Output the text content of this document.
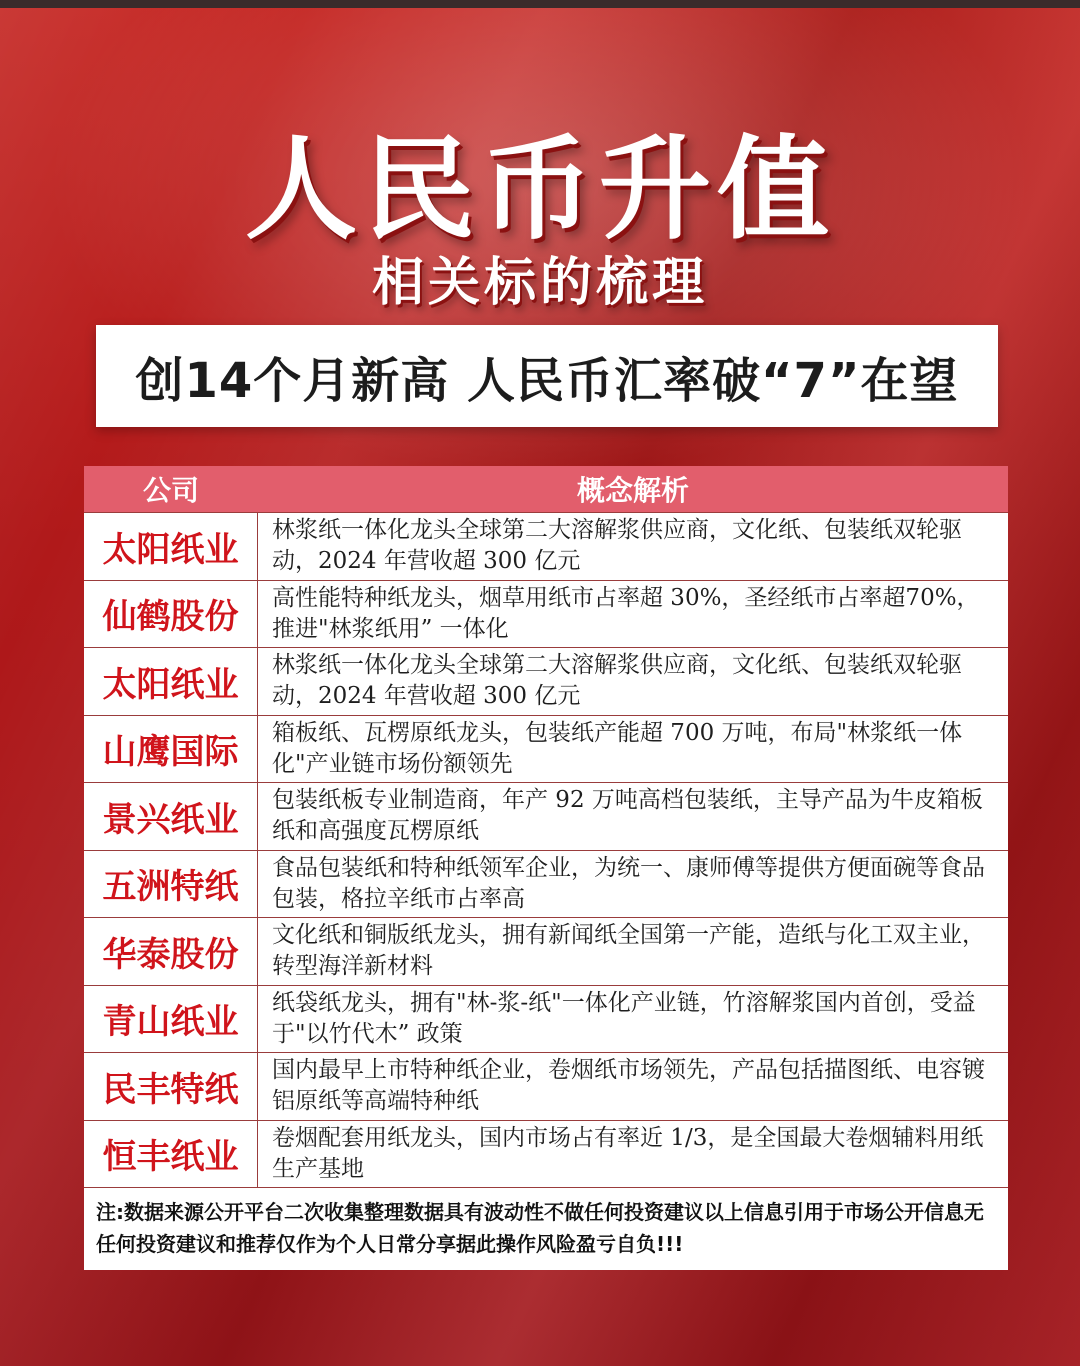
人民币升值
相关标的梳理
创14个月新高 人民币汇率破“7”在望
公司	概念解析
太阳纸业	林浆纸一体化龙头全球第二大溶解浆供应商，文化纸、包装纸双轮驱动，2024 年营收超 300 亿元
仙鹤股份	高性能特种纸龙头，烟草用纸市占率超 30%，圣经纸市占率超70%，推进"林浆纸用” 一体化
太阳纸业	林浆纸一体化龙头全球第二大溶解浆供应商，文化纸、包装纸双轮驱动，2024 年营收超 300 亿元
山鹰国际	箱板纸、瓦楞原纸龙头，包装纸产能超 700 万吨，布局"林浆纸一体化"产业链市场份额领先
景兴纸业	包装纸板专业制造商，年产 92 万吨高档包装纸，主导产品为牛皮箱板纸和高强度瓦楞原纸
五洲特纸	食品包装纸和特种纸领军企业，为统一、康师傅等提供方便面碗等食品包装，格拉辛纸市占率高
华泰股份	文化纸和铜版纸龙头，拥有新闻纸全国第一产能，造纸与化工双主业，转型海洋新材料
青山纸业	纸袋纸龙头，拥有"林-浆-纸"一体化产业链，竹溶解浆国内首创，受益于"以竹代木” 政策
民丰特纸	国内最早上市特种纸企业，卷烟纸市场领先，产品包括描图纸、电容镀铝原纸等高端特种纸
恒丰纸业	卷烟配套用纸龙头，国内市场占有率近 1/3，是全国最大卷烟辅料用纸生产基地
注:数据来源公开平台二次收集整理数据具有波动性不做任何投资建议以上信息引用于市场公开信息无任何投资建议和推荐仅作为个人日常分享据此操作风险盈亏自负!!!
